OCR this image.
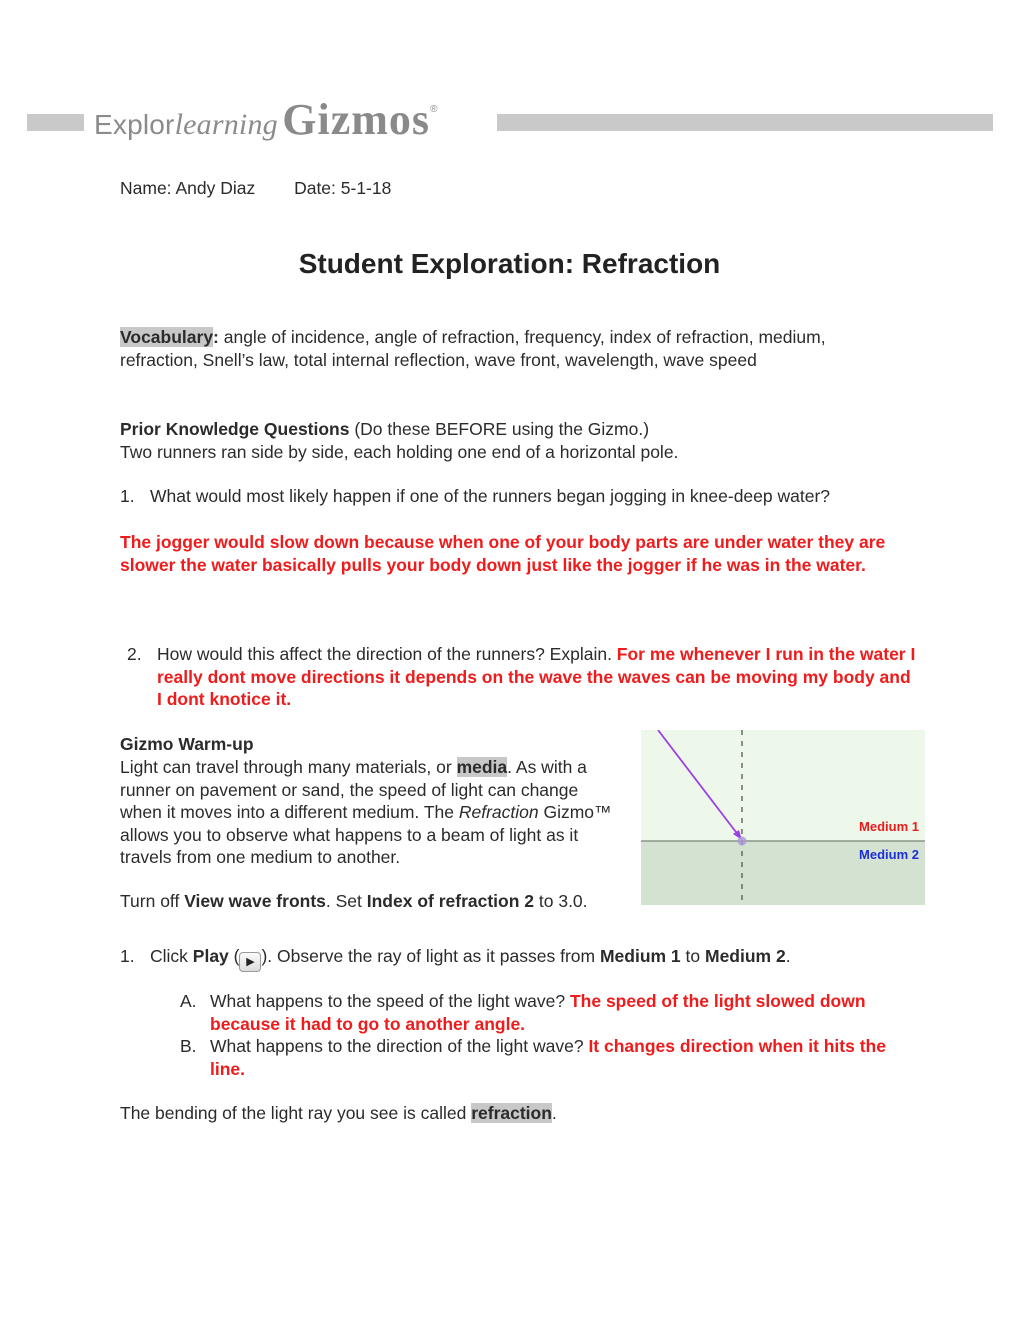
Explorlearning Gizmos®
Name: Andy Diaz Date: 5-1-18
Student Exploration: Refraction
Vocabulary: angle of incidence, angle of refraction, frequency, index of refraction, medium, refraction, Snell’s law, total internal reflection, wave front, wavelength, wave speed
Prior Knowledge Questions (Do these BEFORE using the Gizmo.)
Two runners ran side by side, each holding one end of a horizontal pole.
1. What would most likely happen if one of the runners began jogging in knee-deep water?
The jogger would slow down because when one of your body parts are under water they are slower the water basically pulls your body down just like the jogger if he was in the water.
2. How would this affect the direction of the runners? Explain. For me whenever I run in the water I really dont move directions it depends on the wave the waves can be moving my body and I dont knotice it.
Gizmo Warm-up
Light can travel through many materials, or media. As with a runner on pavement or sand, the speed of light can change when it moves into a different medium. The Refraction Gizmo™ allows you to observe what happens to a beam of light as it travels from one medium to another.
Turn off View wave fronts. Set Index of refraction 2 to 3.0.
Medium 1
Medium 2
1. Click Play ( ▶ ). Observe the ray of light as it passes from Medium 1 to Medium 2.
A. What happens to the speed of the light wave? The speed of the light slowed down because it had to go to another angle.
B. What happens to the direction of the light wave? It changes direction when it hits the line.
The bending of the light ray you see is called refraction.
